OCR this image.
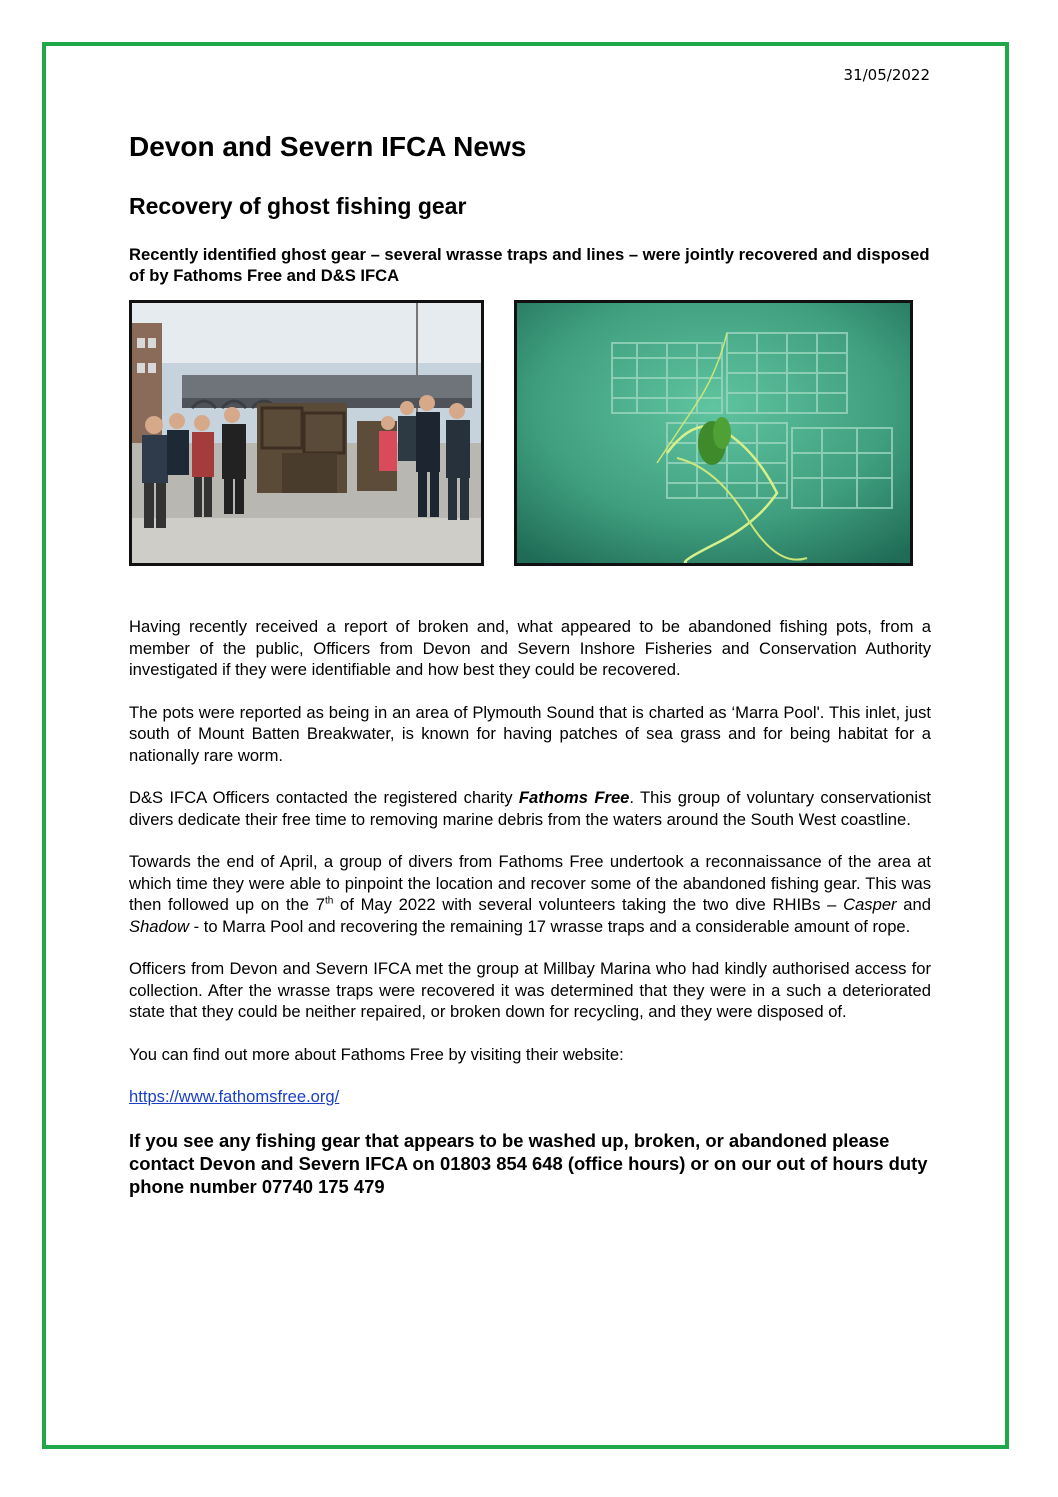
31/05/2022
Devon and Severn IFCA News
Recovery of ghost fishing gear

Recently identified ghost gear – several wrasse traps and lines – were jointly recovered and disposed of by Fathoms Free and D&S IFCA

Having recently received a report of broken and, what appeared to be abandoned fishing pots, from a member of the public, Officers from Devon and Severn Inshore Fisheries and Conservation Authority investigated if they were identifiable and how best they could be recovered.

The pots were reported as being in an area of Plymouth Sound that is charted as ‘Marra Pool'. This inlet, just south of Mount Batten Breakwater, is known for having patches of sea grass and for being habitat for a nationally rare worm.

D&S IFCA Officers contacted the registered charity Fathoms Free. This group of voluntary conservationist divers dedicate their free time to removing marine debris from the waters around the South West coastline.

Towards the end of April, a group of divers from Fathoms Free undertook a reconnaissance of the area at which time they were able to pinpoint the location and recover some of the abandoned fishing gear. This was then followed up on the 7th of May 2022 with several volunteers taking the two dive RHIBs – Casper and Shadow - to Marra Pool and recovering the remaining 17 wrasse traps and a considerable amount of rope.

Officers from Devon and Severn IFCA met the group at Millbay Marina who had kindly authorised access for collection. After the wrasse traps were recovered it was determined that they were in a such a deteriorated state that they could be neither repaired, or broken down for recycling, and they were disposed of.

You can find out more about Fathoms Free by visiting their website:

https://www.fathomsfree.org/

If you see any fishing gear that appears to be washed up, broken, or abandoned please contact Devon and Severn IFCA on 01803 854 648 (office hours) or on our out of hours duty phone number 07740 175 479
